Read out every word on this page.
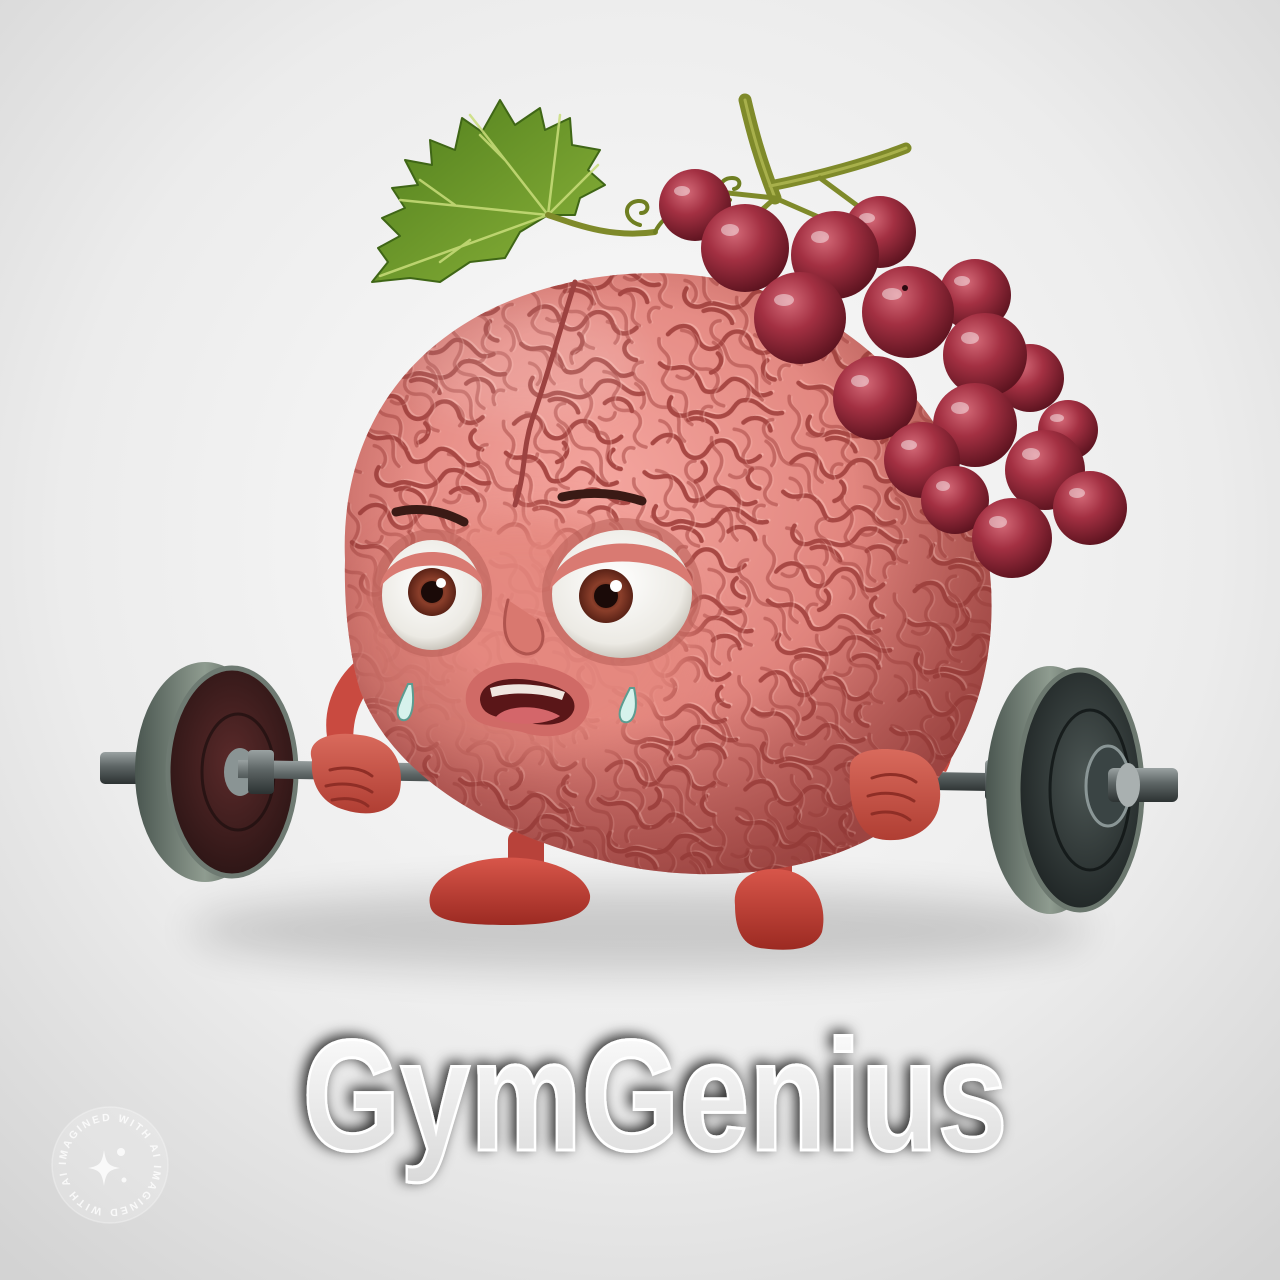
GymGenius
IMAGINED WITH AI IMAGINED WITH AI
